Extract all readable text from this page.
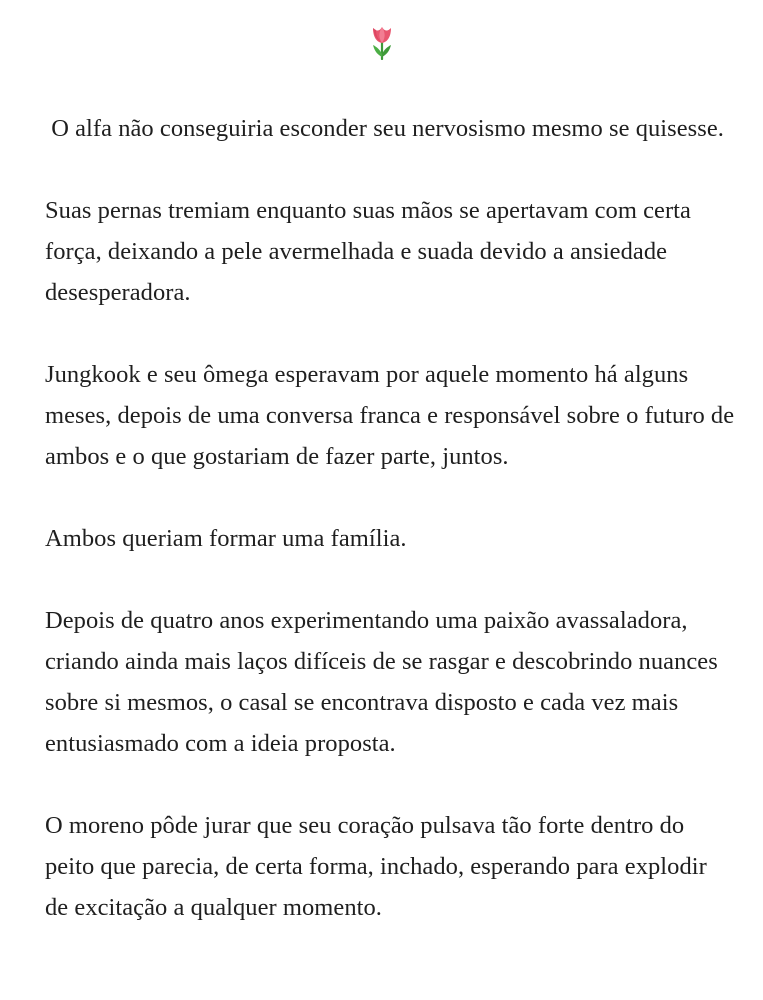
O alfa não conseguiria esconder seu nervosismo mesmo se quisesse.

Suas pernas tremiam enquanto suas mãos se apertavam com certa força, deixando a pele avermelhada e suada devido a ansiedade desesperadora.

Jungkook e seu ômega esperavam por aquele momento há alguns meses, depois de uma conversa franca e responsável sobre o futuro de ambos e o que gostariam de fazer parte, juntos.

Ambos queriam formar uma família.

Depois de quatro anos experimentando uma paixão avassaladora, criando ainda mais laços difíceis de se rasgar e descobrindo nuances sobre si mesmos, o casal se encontrava disposto e cada vez mais entusiasmado com a ideia proposta.

O moreno pôde jurar que seu coração pulsava tão forte dentro do peito que parecia, de certa forma, inchado, esperando para explodir de excitação a qualquer momento.
